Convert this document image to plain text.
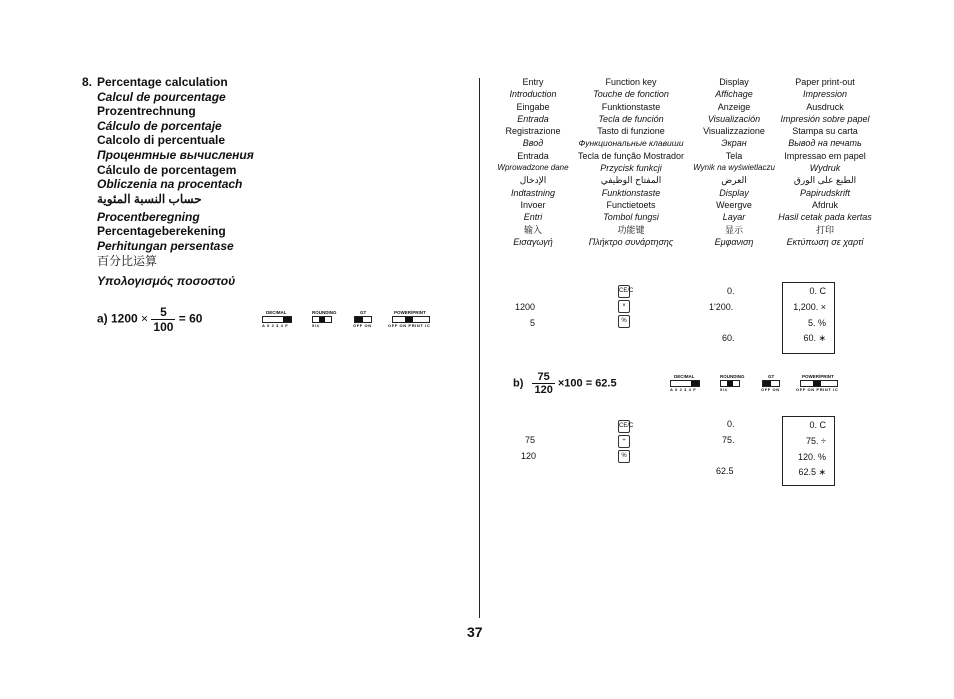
8. Percentage calculation
Calcul de pourcentage
Prozentrechnung
Cálculo de porcentaje
Calcolo di percentuale
Процентные вычисления
Cálculo de porcentagem
Obliczenia na procentach
حساب النسبة المئوية
Procentberegning
Percentageberekening
Perhitungan persentase
百分比运算
Υπολογισμός ποσοστού
a) $1200 \times \frac{5}{100} = 60$	DECIMAL
A 0 2 3 4 F
ROUNDING
5/4
GT
OFF ON
POWER/PRINT
OFF ON PRINT IC
Entry
Introduction
Eingabe
Entrada
Registrazione
Ввод
Entrada
Wprowadzone dane
الإدخال
Indtastning
Invoer
Entri
输入
Εισαγωγή
Function key
Touche de fonction
Funktionstaste
Tecla de función
Tasto di funzione
Функциональные клавиши
Tecla de função Mostrador
Przycisk funkcji
المفتاح الوظيفي
Funktionstaste
Functietoets
Tombol fungsi
功能键
Πλήκτρο συνάρτησης
Display
Affichage
Anzeige
Visualización
Visualizzazione
Экран
Tela
Wynik na wyświetlaczu
العرض
Display
Weergve
Layar
显示
Εμφανιση
Paper print-out
Impression
Ausdruck
Impresión sobre papel
Stampa su carta
Вывод на печать
Impressao em papel
Wydruk
الطبع على الورق
Papirudskrift
Afdruk
Hasil cetak pada kertas
打印
Εκτύπωση σε χαρτί
1200
5
CE/C
×
%
0.
1'200.
60.
0. C
1,200. ×
5. %
60. ∗
$b) \frac{75}{120} \times 100 = 62.5$
DECIMAL
A 0 2 3 4 F
ROUNDING
5/4
GT
OFF ON
POWER/PRINT
OFF ON PRINT IC
75
120
CE/C
÷
%
0.
75.
62.5
0. C
75. ÷
120. %
62.5 ∗
37
